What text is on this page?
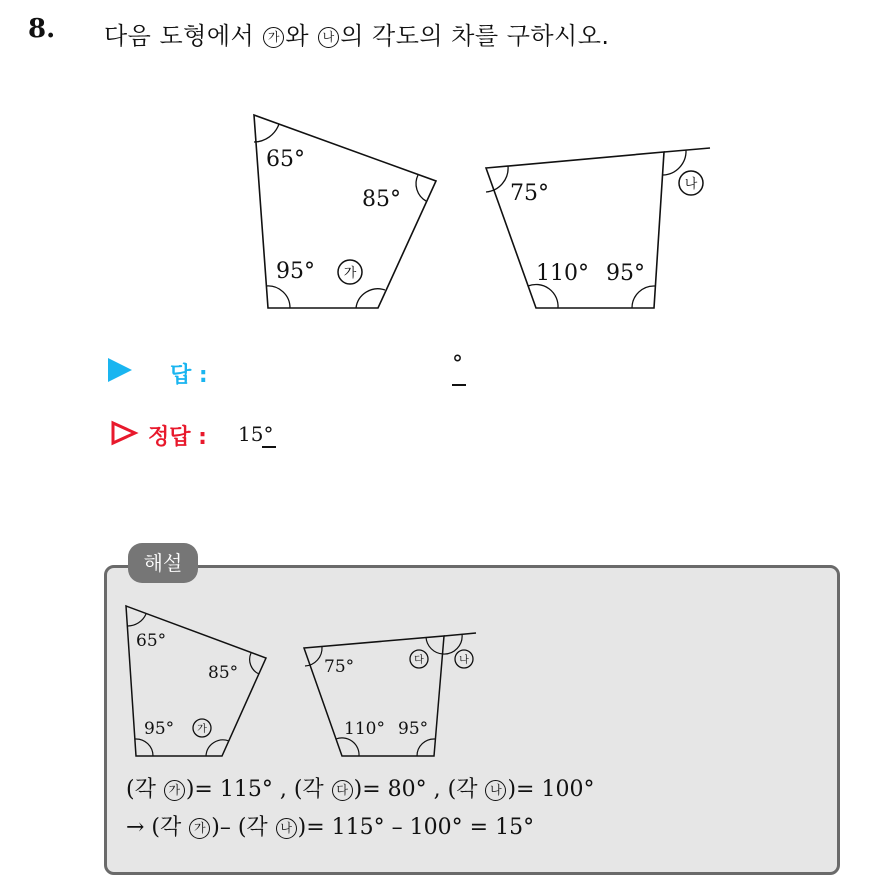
8. 다음 도형에서 가 와 나 의 각도의 차를 구하시오.
65°
85°
95° 가
75°
110° 95°
나
답 :	°
정답 : 15°
해설
65°
85°
95° 가
75°	다	나
110° 95°
(각 가 )= 115° , (각 다 )= 80° , (각 나 )= 100°
→ (각 가 )– (각 나 )= 115° – 100° = 15°
